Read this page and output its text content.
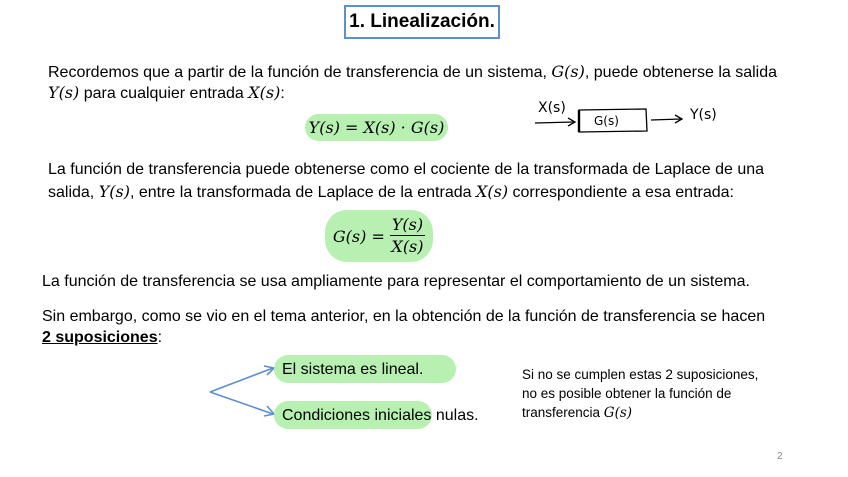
1. Linealización.
Recordemos que a partir de la función de transferencia de un sistema, G(s), puede obtenerse la salida
Y(s) para cualquier entrada X(s):
Y(s) = X(s) · G(s)
X(s)
G(s)	Y(s)
La función de transferencia puede obtenerse como el cociente de la transformada de Laplace de una
salida, Y(s), entre la transformada de Laplace de la entrada X(s) correspondiente a esa entrada:
$G(s) = \frac{Y(s)}{X(s)}$
La función de transferencia se usa ampliamente para representar el comportamiento de un sistema.
Sin embargo, como se vio en el tema anterior, en la obtención de la función de transferencia se hacen
2 suposiciones:
El sistema es lineal.
Condiciones iniciales nulas.
Si no se cumplen estas 2 suposiciones,
no es posible obtener la función de
transferencia G(s)
2
